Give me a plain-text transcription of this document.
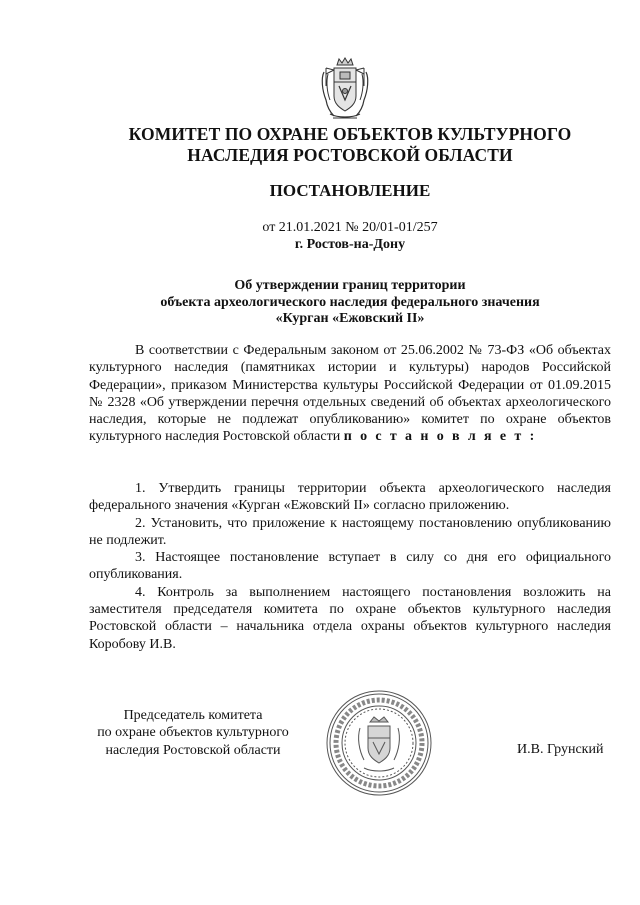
КОМИТЕТ ПО ОХРАНЕ ОБЪЕКТОВ КУЛЬТУРНОГО
НАСЛЕДИЯ РОСТОВСКОЙ ОБЛАСТИ
ПОСТАНОВЛЕНИЕ
от 21.01.2021 № 20/01-01/257
г. Ростов-на-Дону
Об утверждении границ территории
объекта археологического наследия федерального значения
«Курган «Ежовский II»

В соответствии с Федеральным законом от 25.06.2002 № 73-ФЗ «Об объектах культурного наследия (памятниках истории и культуры) народов Российской Федерации», приказом Министерства культуры Российской Федерации от 01.09.2015 № 2328 «Об утверждении перечня отдельных сведений об объектах археологического наследия, которые не подлежат опубликованию» комитет по охране объектов культурного наследия Ростовской области п о с т а н о в л я е т :

1. Утвердить границы территории объекта археологического наследия федерального значения «Курган «Ежовский II» согласно приложению.

2. Установить, что приложение к настоящему постановлению опубликованию не подлежит.

3. Настоящее постановление вступает в силу со дня его официального опубликования.

4. Контроль за выполнением настоящего постановления возложить на заместителя председателя комитета по охране объектов культурного наследия Ростовской области – начальника отдела охраны объектов культурного наследия Коробову И.В.

Председатель комитета
по охране объектов культурного
наследия Ростовской области	И.В. Грунский
